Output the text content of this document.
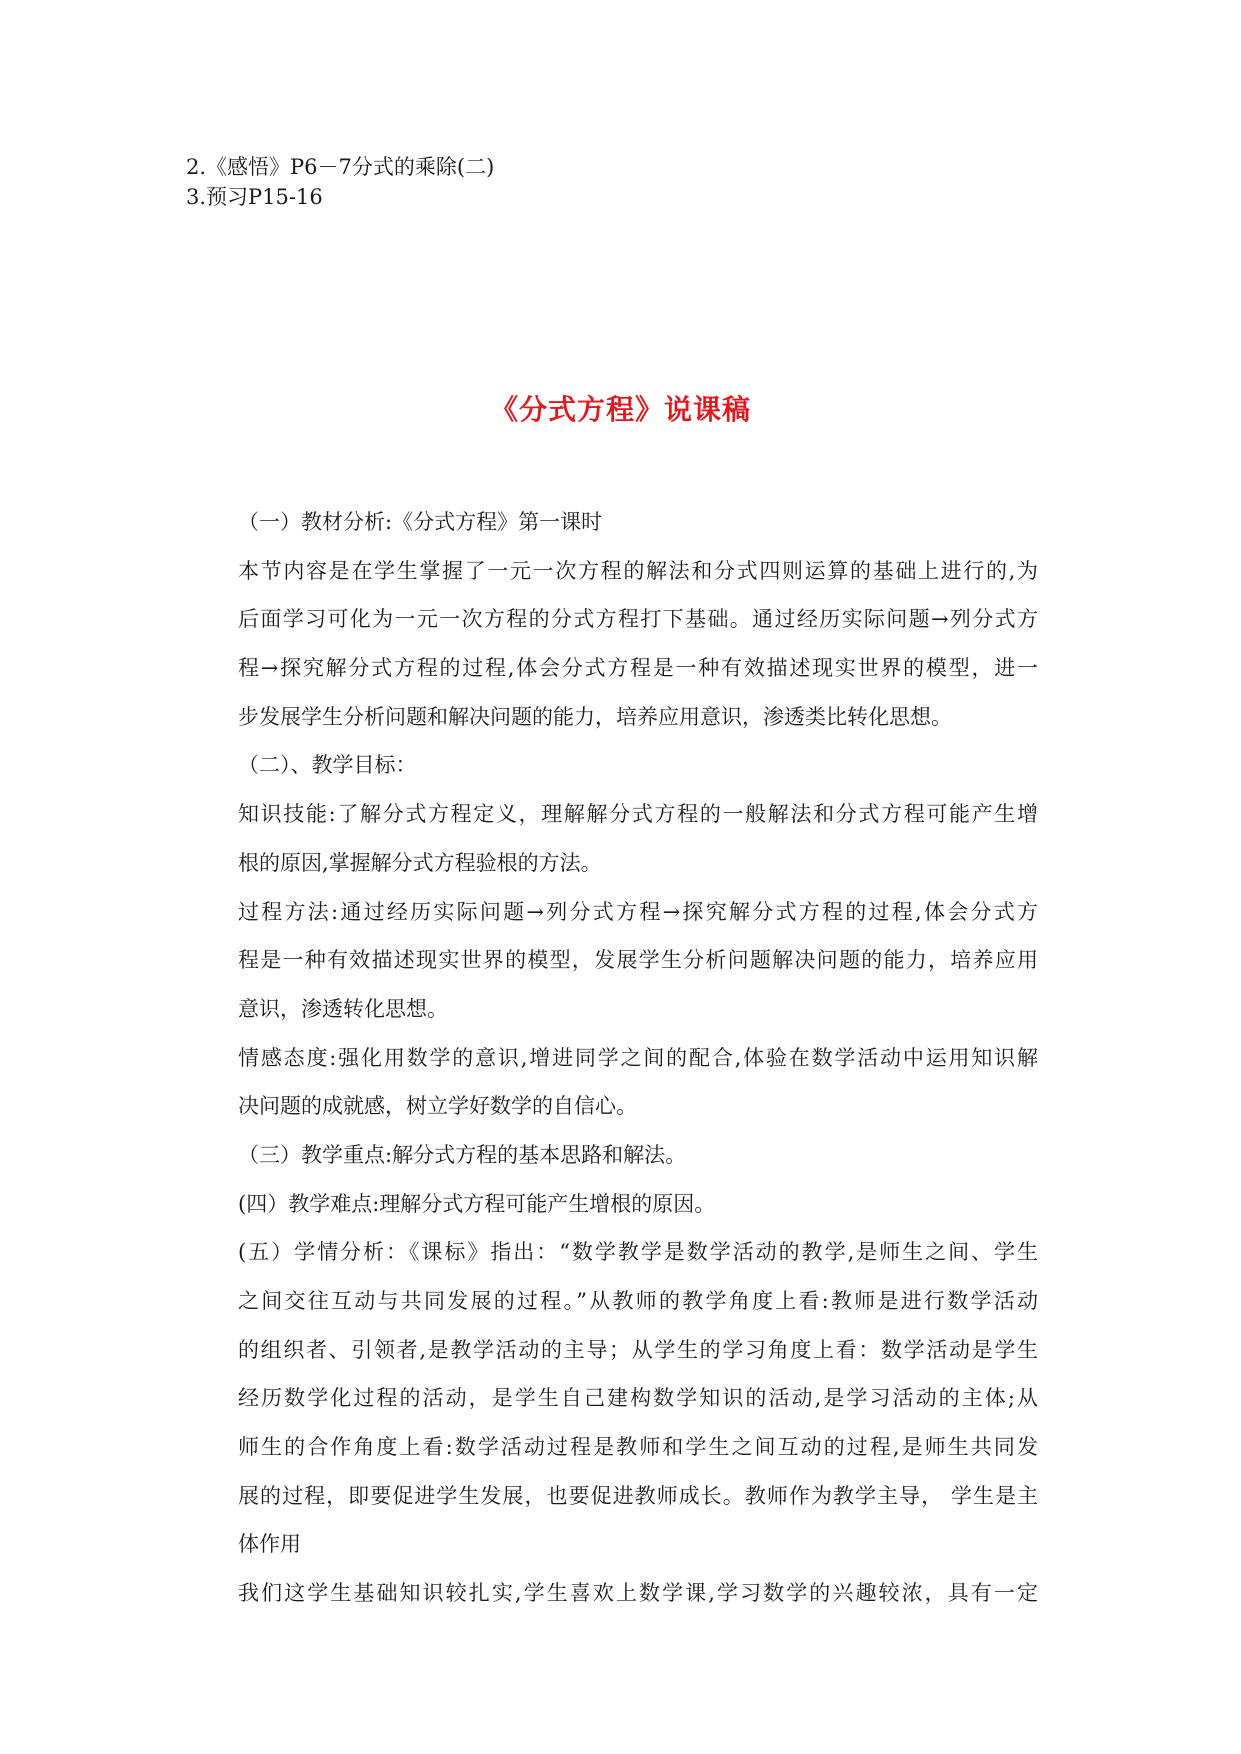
2.《感悟》P6－7分式的乘除(二)
3.预习P15-16
《分式方程》说课稿
（一）教材分析:《分式方程》第一课时
本节内容是在学生掌握了一元一次方程的解法和分式四则运算的基础上进行的,为
后面学习可化为一元一次方程的分式方程打下基础。通过经历实际问题→列分式方
程→探究解分式方程的过程,体会分式方程是一种有效描述现实世界的模型，进一
步发展学生分析问题和解决问题的能力，培养应用意识，渗透类比转化思想。
（二）、教学目标：
知识技能:了解分式方程定义，理解解分式方程的一般解法和分式方程可能产生增
根的原因,掌握解分式方程验根的方法。
过程方法:通过经历实际问题→列分式方程→探究解分式方程的过程,体会分式方
程是一种有效描述现实世界的模型，发展学生分析问题解决问题的能力，培养应用
意识，渗透转化思想。
情感态度:强化用数学的意识,增进同学之间的配合,体验在数学活动中运用知识解
决问题的成就感，树立学好数学的自信心。
（三）教学重点:解分式方程的基本思路和解法。
(四）教学难点:理解分式方程可能产生增根的原因。
(五）学情分析：《课标》指出：“数学教学是数学活动的教学,是师生之间、学生
之间交往互动与共同发展的过程。”从教师的教学角度上看:教师是进行数学活动
的组织者、引领者,是教学活动的主导；从学生的学习角度上看：数学活动是学生
经历数学化过程的活动，是学生自己建构数学知识的活动,是学习活动的主体;从
师生的合作角度上看:数学活动过程是教师和学生之间互动的过程,是师生共同发
展的过程，即要促进学生发展，也要促进教师成长。教师作为教学主导， 学生是主
体作用
我们这学生基础知识较扎实,学生喜欢上数学课,学习数学的兴趣较浓，具有一定
